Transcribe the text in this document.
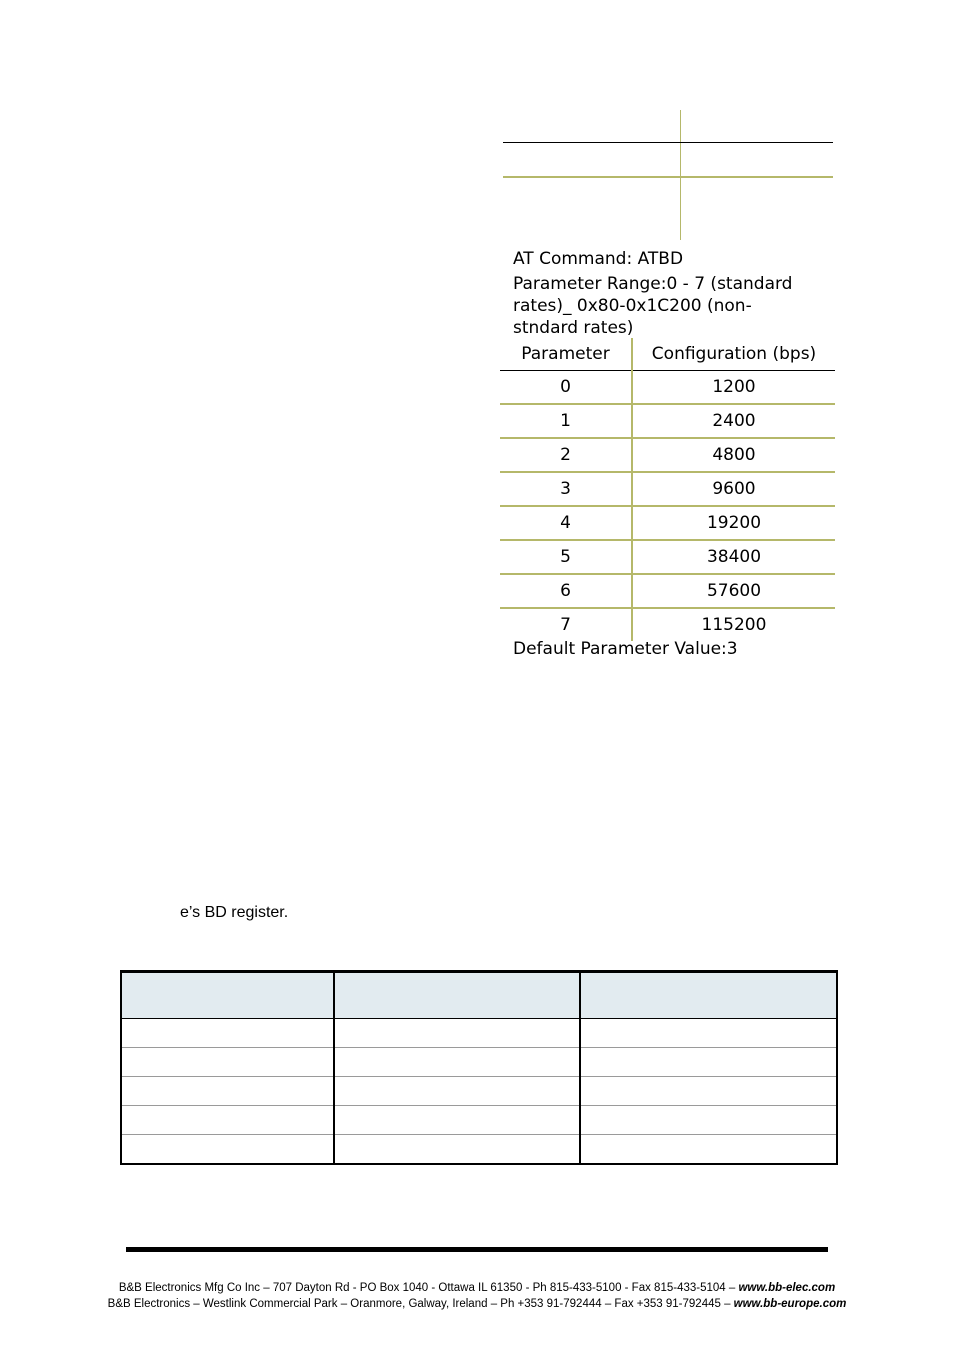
AT Command: ATBD
Parameter Range:0 - 7 (standard
rates)_ 0x80-0x1C200 (non-
stndard rates)
Parameter	Configuration (bps)
0	1200
1	2400
2	4800
3	9600
4	19200
5	38400
6	57600
7	115200
Default Parameter Value:3
e’s BD register.

B&B Electronics Mfg Co Inc – 707 Dayton Rd - PO Box 1040 - Ottawa IL 61350 - Ph 815-433-5100 - Fax 815-433-5104 – www.bb-elec.com
B&B Electronics – Westlink Commercial Park – Oranmore, Galway, Ireland – Ph +353 91-792444 – Fax +353 91-792445 – www.bb-europe.com
